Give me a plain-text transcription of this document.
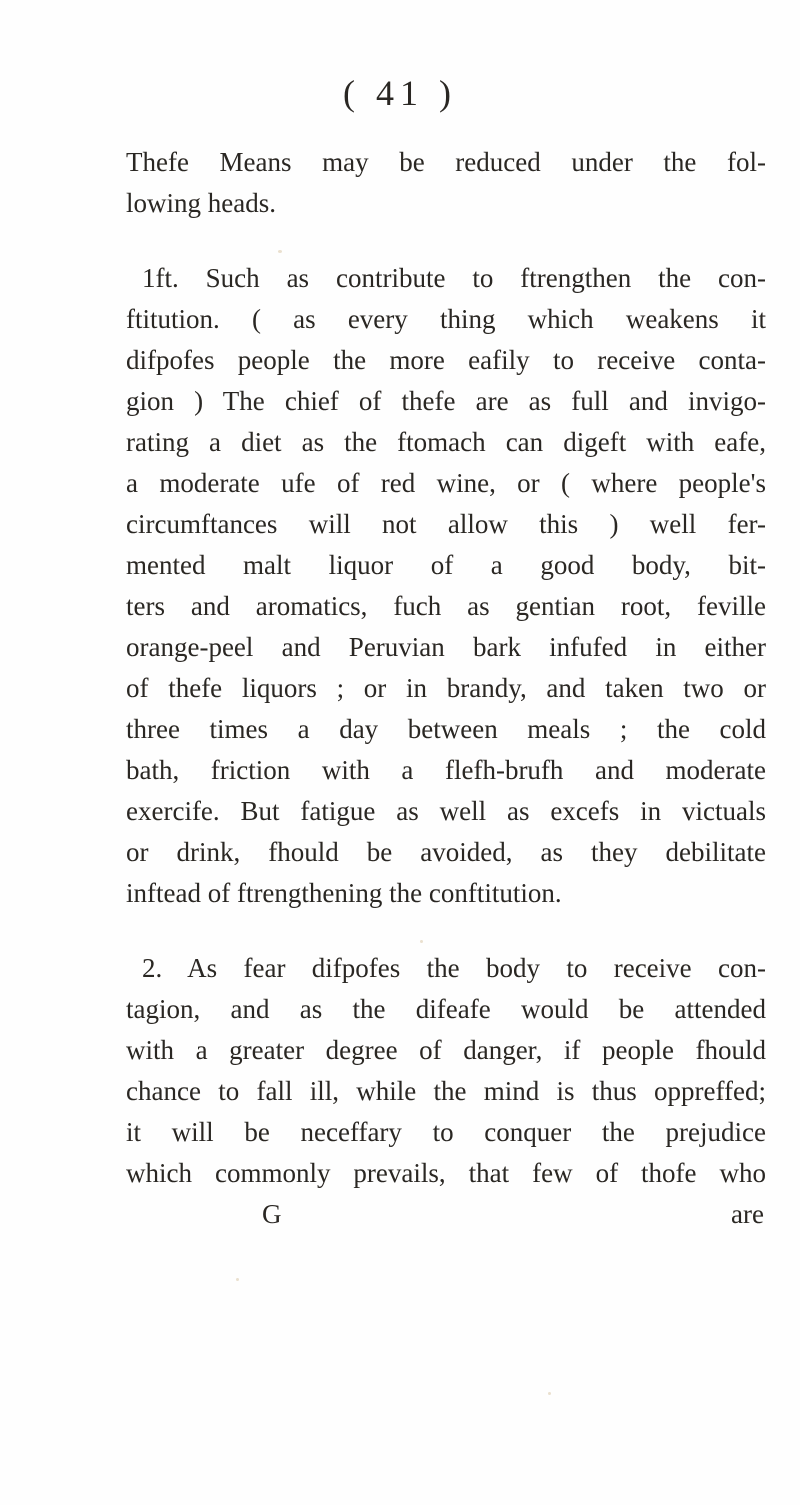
( 41 )

Thefe Means may be reduced under the fol-
lowing heads.

1ft. Such as contribute to ftrengthen the con-
ftitution. ( as every thing which weakens it
difpofes people the more eafily to receive conta-
gion ) The chief of thefe are as full and invigo-
rating a diet as the ftomach can digeft with eafe,
a moderate ufe of red wine, or ( where people's
circumftances will not allow this ) well fer-
mented malt liquor of a good body, bit-
ters and aromatics, fuch as gentian root, feville
orange-peel and Peruvian bark infufed in either
of thefe liquors ; or in brandy, and taken two or
three times a day between meals ; the cold
bath, friction with a flefh-brufh and moderate
exercife. But fatigue as well as excefs in victuals
or drink, fhould be avoided, as they debilitate
inftead of ftrengthening the conftitution.

2. As fear difpofes the body to receive con-
tagion, and as the difeafe would be attended
with a greater degree of danger, if people fhould
chance to fall ill, while the mind is thus oppreffed;
it will be neceffary to conquer the prejudice
which commonly prevails, that few of thofe who

G	are
